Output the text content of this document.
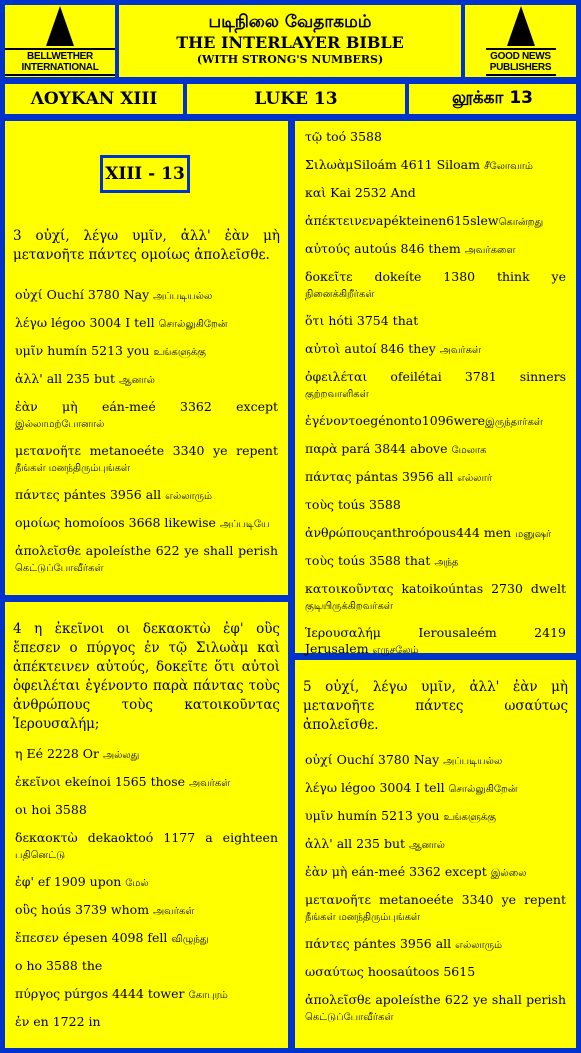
BELLWETHER INTERNATIONAL
படிநிலை வேதாகமம்
THE INTERLAYER BIBLE
(WITH STRONG'S NUMBERS)	GOOD NEWS PUBLISHERS
ΛΟΥΚΑΝ XIII	LUKE 13	லூக்கா 13
XIII - 13
3 οὐχί, λέγω υμῖν, ἀλλ' ἐὰν μὴ μετανοῆτε πάντες ομοίως ἀπολεῖσθε.
οὐχί Ouchí 3780 Nay அப்படியல்ல
λέγω légoo 3004 I tell சொல்லுகிறேன்
υμῖν humín 5213 you உங்களுக்கு
ἀλλ' all 235 but ஆனால்
ἐὰν μὴ eán-meé 3362 except இல்லாமற்போனால்
μετανοῆτε metanoeéte 3340 ye repent நீங்கள் மனந்திரும்புங்கள்
πάντες pántes 3956 all எல்லாரும்
ομοίως homoíoos 3668 likewise அப்படியே
ἀπολεῖσθε apoleísthe 622 ye shall perish கெட்டுப்போவீர்கள்
4 η ἐκεῖνοι οι δεκαοκτὼ ἐφ' οὓς ἔπεσεν ο πύργος ἐν τῷ Σιλωὰμ καὶ ἀπέκτεινεν αὐτούς, δοκεῖτε ὅτι αὐτοὶ ὀφειλέται ἐγένοντο παρὰ πάντας τοὺς ἀνθρώπους τοὺς κατοικοῦντας Ἱερουσαλήμ;
η Eé 2228 Or அல்லது
ἐκεῖνοι ekeínoi 1565 those அவர்கள்
οι hoi 3588
δεκαοκτὼ dekaoktoó 1177 a eighteen பதினெட்டு
ἐφ' ef 1909 upon மேல்
οὓς hoús 3739 whom அவர்கள்
ἔπεσεν épesen 4098 fell விழுந்து
ο ho 3588 the
πύργος púrgos 4444 tower கோபுரம்
ἐν en 1722 in
τῷ toó 3588
ΣιλωὰμSiloám 4611 Siloam சீலோவாம்
καὶ Kai 2532 And
ἀπέκτεινενapékteinen615slewகொன்றது
αὐτούς autoús 846 them அவர்களை
δοκεῖτε dokeíte 1380 think ye நினைக்கிறீர்கள்
ὅτι hóti 3754 that
αὐτοὶ autoí 846 they அவர்கள்
ὀφειλέται ofeilétai 3781 sinners குற்றவாளிகள்
ἐγένοντοegénonto1096wereஇருந்தார்கள்
παρὰ pará 3844 above மேலாக
πάντας pántas 3956 all எல்லார்
τοὺς toús 3588
ἀνθρώπουςanthroópous444 men மனுஷர்
τοὺς toús 3588 that அந்த
κατοικοῦντας katoikoúntas 2730 dwelt குடியிருக்கிறவர்கள்
Ἱερουσαλήμ Ierousaleém 2419 Jerusalem எருசலேம்
5 οὐχί, λέγω υμῖν, ἀλλ' ἐὰν μὴ μετανοῆτε πάντες ωσαύτως ἀπολεῖσθε.
οὐχί Ouchí 3780 Nay அப்படியல்ல
λέγω légoo 3004 I tell சொல்லுகிறேன்
υμῖν humín 5213 you உங்களுக்கு
ἀλλ' all 235 but ஆனால்
ἐὰν μὴ eán-meé 3362 except இல்லை
μετανοῆτε metanoeéte 3340 ye repent நீங்கள் மனந்திரும்புங்கள்
πάντες pántes 3956 all எல்லாரும்
ωσαύτως hoosaútoos 5615
ἀπολεῖσθε apoleísthe 622 ye shall perish கெட்டுப்போவீர்கள்
